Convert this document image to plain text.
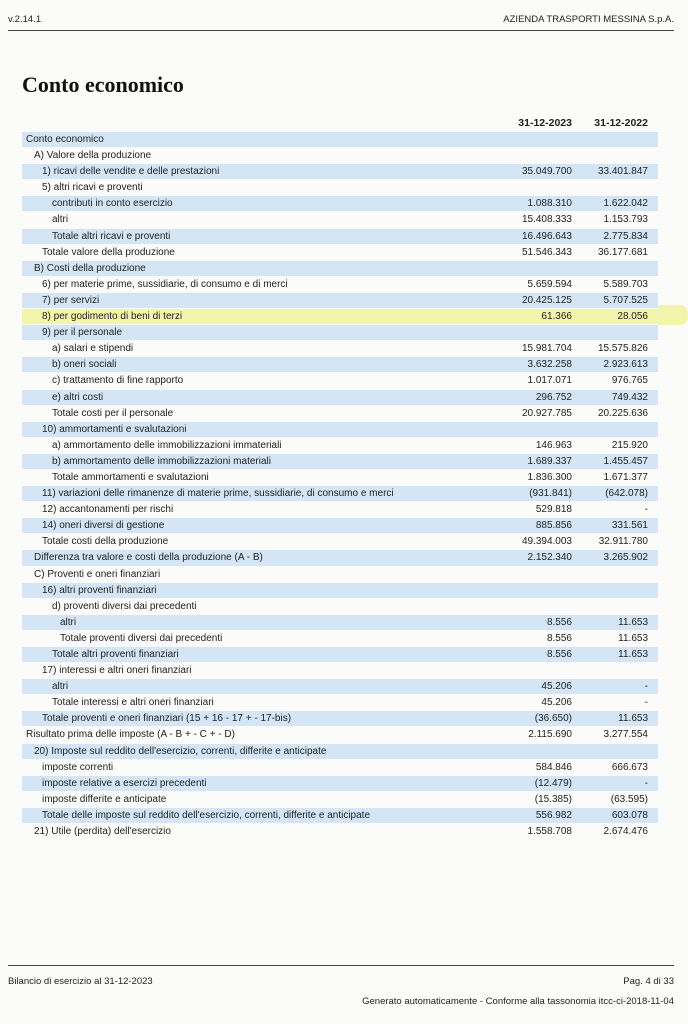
v.2.14.1	AZIENDA TRASPORTI MESSINA S.p.A.
Conto economico
31-12-2023 31-12-2022
Conto economico
A) Valore della produzione
1) ricavi delle vendite e delle prestazioni	35.049.700	33.401.847
5) altri ricavi e proventi
contributi in conto esercizio	1.088.310	1.622.042
altri	15.408.333	1.153.793
Totale altri ricavi e proventi	16.496.643	2.775.834
Totale valore della produzione	51.546.343	36.177.681
B) Costi della produzione
6) per materie prime, sussidiarie, di consumo e di merci	5.659.594	5.589.703
7) per servizi	20.425.125	5.707.525
8) per godimento di beni di terzi	61.366	28.056
9) per il personale
a) salari e stipendi	15.981.704	15.575.826
b) oneri sociali	3.632.258	2.923.613
c) trattamento di fine rapporto	1.017.071	976.765
e) altri costi	296.752	749.432
Totale costi per il personale	20.927.785	20.225.636
10) ammortamenti e svalutazioni
a) ammortamento delle immobilizzazioni immateriali	146.963	215.920
b) ammortamento delle immobilizzazioni materiali	1.689.337	1.455.457
Totale ammortamenti e svalutazioni	1.836.300	1.671.377
11) variazioni delle rimanenze di materie prime, sussidiarie, di consumo e merci	(931.841)	(642.078)
12) accantonamenti per rischi	529.818	-
14) oneri diversi di gestione	885.856	331.561
Totale costi della produzione	49.394.003	32.911.780
Differenza tra valore e costi della produzione (A - B)	2.152.340	3.265.902
C) Proventi e oneri finanziari
16) altri proventi finanziari
d) proventi diversi dai precedenti
altri	8.556	11.653
Totale proventi diversi dai precedenti	8.556	11.653
Totale altri proventi finanziari	8.556	11.653
17) interessi e altri oneri finanziari
altri	45.206	-
Totale interessi e altri oneri finanziari	45.206	-
Totale proventi e oneri finanziari (15 + 16 - 17 + - 17-bis)	(36.650)	11.653
Risultato prima delle imposte (A - B + - C + - D)	2.115.690	3.277.554
20) Imposte sul reddito dell'esercizio, correnti, differite e anticipate
imposte correnti	584.846	666.673
imposte relative a esercizi precedenti	(12.479)	-
imposte differite e anticipate	(15.385)	(63.595)
Totale delle imposte sul reddito dell'esercizio, correnti, differite e anticipate	556.982	603.078
21) Utile (perdita) dell'esercizio	1.558.708	2.674.476
Bilancio di esercizio al 31-12-2023	Pag. 4 di 33
Generato automaticamente - Conforme alla tassonomia itcc-ci-2018-11-04
